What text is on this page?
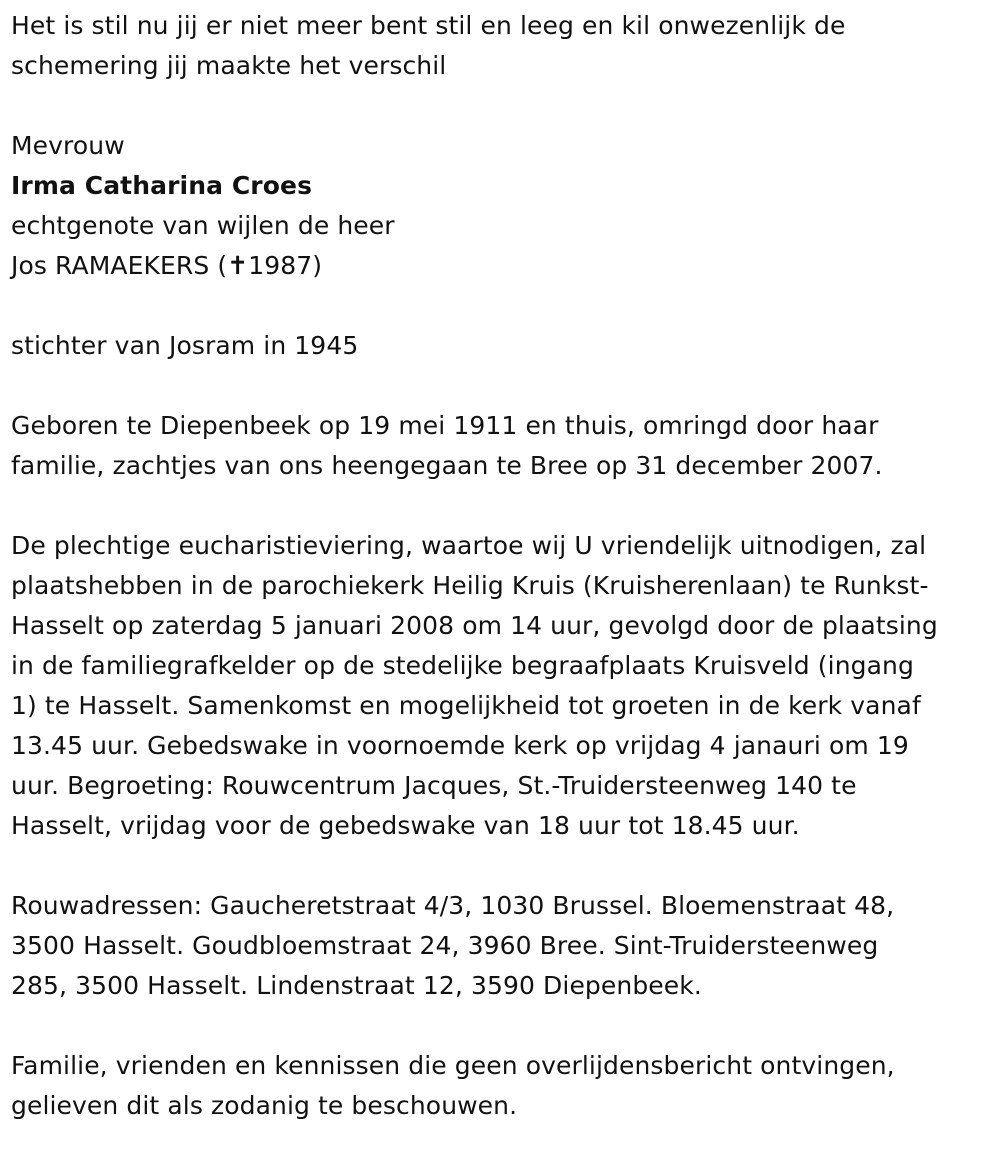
Het is stil nu jij er niet meer bent stil en leeg en kil onwezenlijk de

schemering jij maakte het verschil

Mevrouw

Irma Catharina Croes

echtgenote van wijlen de heer

Jos RAMAEKERS (✝1987)

stichter van Josram in 1945

Geboren te Diepenbeek op 19 mei 1911 en thuis, omringd door haar

familie, zachtjes van ons heengegaan te Bree op 31 december 2007.

De plechtige eucharistieviering, waartoe wij U vriendelijk uitnodigen, zal

plaatshebben in de parochiekerk Heilig Kruis (Kruisherenlaan) te Runkst-

Hasselt op zaterdag 5 januari 2008 om 14 uur, gevolgd door de plaatsing

in de familiegrafkelder op de stedelijke begraafplaats Kruisveld (ingang

1) te Hasselt. Samenkomst en mogelijkheid tot groeten in de kerk vanaf

13.45 uur. Gebedswake in voornoemde kerk op vrijdag 4 janauri om 19

uur. Begroeting: Rouwcentrum Jacques, St.-Truidersteenweg 140 te

Hasselt, vrijdag voor de gebedswake van 18 uur tot 18.45 uur.

Rouwadressen: Gaucheretstraat 4/3, 1030 Brussel. Bloemenstraat 48,

3500 Hasselt. Goudbloemstraat 24, 3960 Bree. Sint-Truidersteenweg

285, 3500 Hasselt. Lindenstraat 12, 3590 Diepenbeek.

Familie, vrienden en kennissen die geen overlijdensbericht ontvingen,

gelieven dit als zodanig te beschouwen.
